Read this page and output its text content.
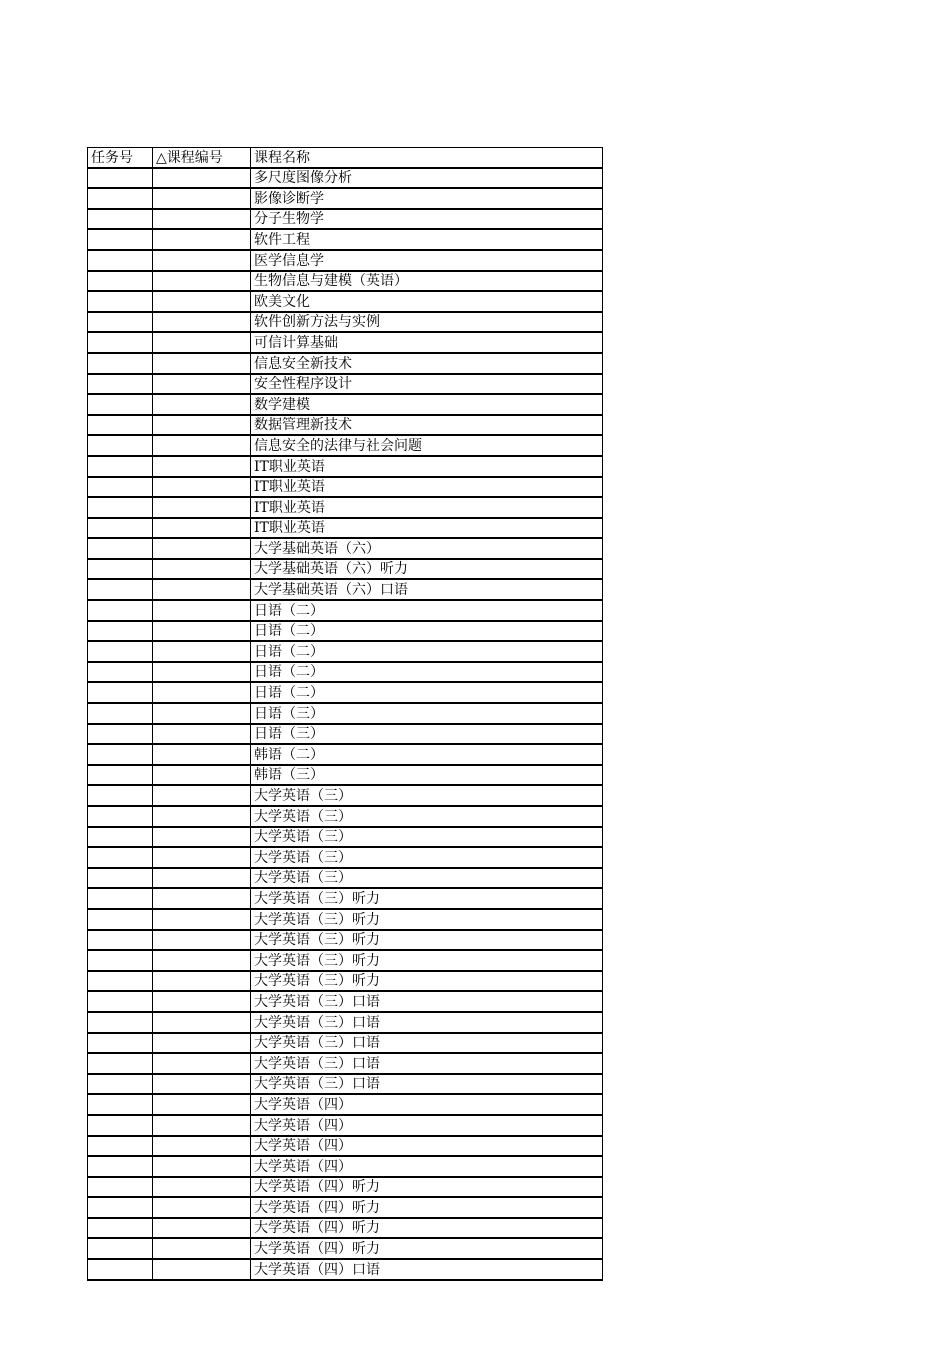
任务号	△课程编号	课程名称
		多尺度图像分析
		影像诊断学
		分子生物学
		软件工程
		医学信息学
		生物信息与建模（英语）
		欧美文化
		软件创新方法与实例
		可信计算基础
		信息安全新技术
		安全性程序设计
		数学建模
		数据管理新技术
		信息安全的法律与社会问题
		IT职业英语
		IT职业英语
		IT职业英语
		IT职业英语
		大学基础英语（六）
		大学基础英语（六）听力
		大学基础英语（六）口语
		日语（二）
		日语（二）
		日语（二）
		日语（二）
		日语（二）
		日语（三）
		日语（三）
		韩语（二）
		韩语（三）
		大学英语（三）
		大学英语（三）
		大学英语（三）
		大学英语（三）
		大学英语（三）
		大学英语（三）听力
		大学英语（三）听力
		大学英语（三）听力
		大学英语（三）听力
		大学英语（三）听力
		大学英语（三）口语
		大学英语（三）口语
		大学英语（三）口语
		大学英语（三）口语
		大学英语（三）口语
		大学英语（四）
		大学英语（四）
		大学英语（四）
		大学英语（四）
		大学英语（四）听力
		大学英语（四）听力
		大学英语（四）听力
		大学英语（四）听力
		大学英语（四）口语
